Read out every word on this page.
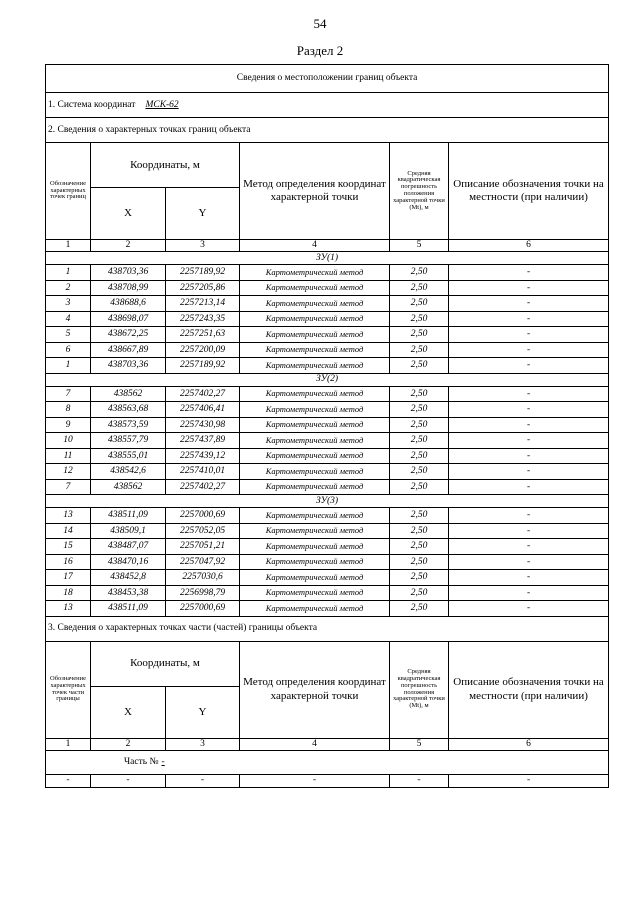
54
Раздел 2
Сведения о местоположении границ объекта					
1. Система координат МСК-62					
2. Сведения о характерных точках границ объекта					
Обозначение характерных точек границ	Координаты, м		Метод определения координат характерной точки	Средняя квадратическая погрешность положения характерной точки (Mt), м	Описание обозначения точки на местности (при наличии)
	X	Y			
1	2	3	4	5	6
ЗУ(1)					
1	438703,36	2257189,92	Картометрический метод	2,50	-
2	438708,99	2257205,86	Картометрический метод	2,50	-
3	438688,6	2257213,14	Картометрический метод	2,50	-
4	438698,07	2257243,35	Картометрический метод	2,50	-
5	438672,25	2257251,63	Картометрический метод	2,50	-
6	438667,89	2257200,09	Картометрический метод	2,50	-
1	438703,36	2257189,92	Картометрический метод	2,50	-
ЗУ(2)					
7	438562	2257402,27	Картометрический метод	2,50	-
8	438563,68	2257406,41	Картометрический метод	2,50	-
9	438573,59	2257430,98	Картометрический метод	2,50	-
10	438557,79	2257437,89	Картометрический метод	2,50	-
11	438555,01	2257439,12	Картометрический метод	2,50	-
12	438542,6	2257410,01	Картометрический метод	2,50	-
7	438562	2257402,27	Картометрический метод	2,50	-
ЗУ(3)					
13	438511,09	2257000,69	Картометрический метод	2,50	-
14	438509,1	2257052,05	Картометрический метод	2,50	-
15	438487,07	2257051,21	Картометрический метод	2,50	-
16	438470,16	2257047,92	Картометрический метод	2,50	-
17	438452,8	2257030,6	Картометрический метод	2,50	-
18	438453,38	2256998,79	Картометрический метод	2,50	-
13	438511,09	2257000,69	Картометрический метод	2,50	-
3. Сведения о характерных точках части (частей) границы объекта					
Обозначение характерных точек части границы	Координаты, м		Метод определения координат характерной точки	Средняя квадратическая погрешность положения характерной точки (Mt), м	Описание обозначения точки на местности (при наличии)
	X	Y			
1	2	3	4	5	6
Часть № -					
-	-	-	-	-	-
